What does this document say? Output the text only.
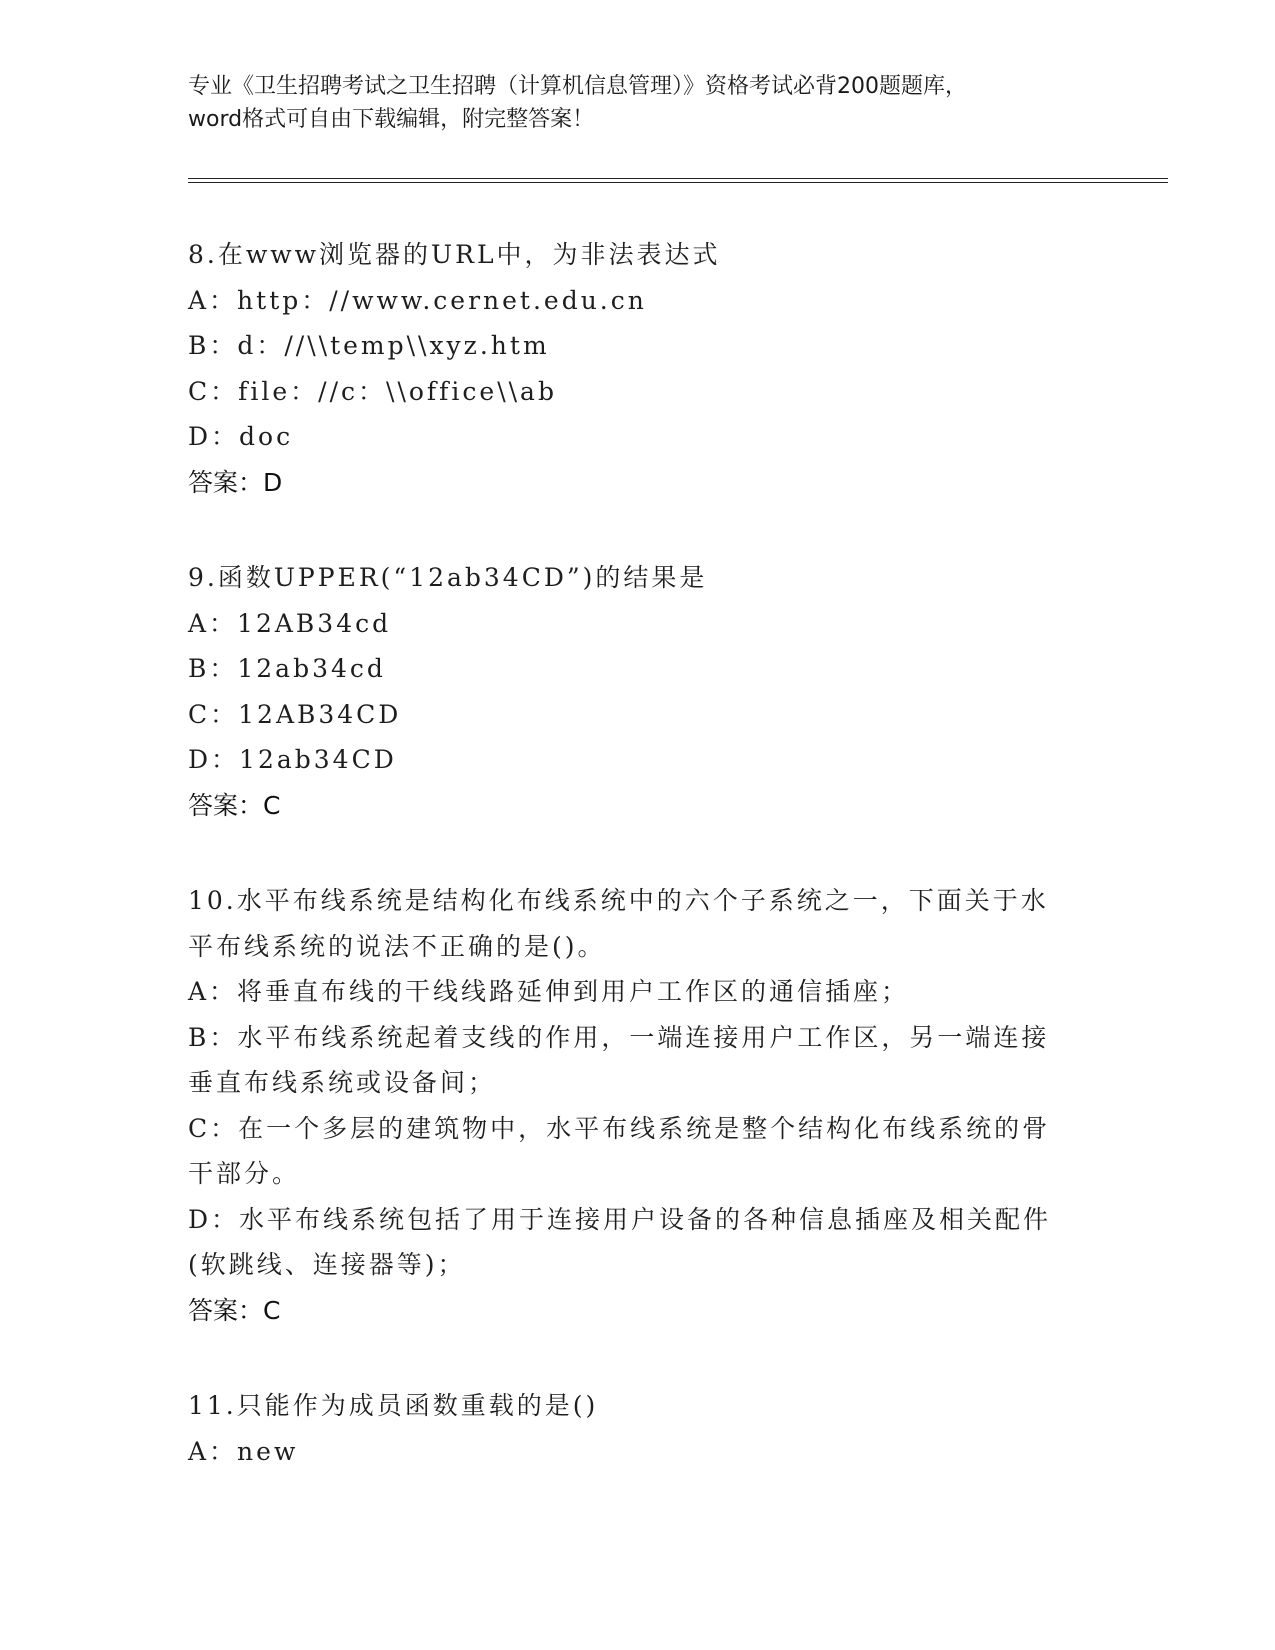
专业《卫生招聘考试之卫生招聘（计算机信息管理）》资格考试必背200题题库，
word格式可自由下载编辑，附完整答案！
8.在www浏览器的URL中，为非法表达式
A：http：//www.cernet.edu.cn
B：d：//\\temp\\xyz.htm
C：file：//c：\\office\\ab
D：doc
答案：D
9.函数UPPER(“12ab34CD”)的结果是
A：12AB34cd
B：12ab34cd
C：12AB34CD
D：12ab34CD
答案：C
10.水平布线系统是结构化布线系统中的六个子系统之一，下面关于水
平布线系统的说法不正确的是()。
A：将垂直布线的干线线路延伸到用户工作区的通信插座；
B：水平布线系统起着支线的作用，一端连接用户工作区，另一端连接
垂直布线系统或设备间；
C：在一个多层的建筑物中，水平布线系统是整个结构化布线系统的骨
干部分。
D：水平布线系统包括了用于连接用户设备的各种信息插座及相关配件
(软跳线、连接器等)；
答案：C
11.只能作为成员函数重载的是()
A：new
